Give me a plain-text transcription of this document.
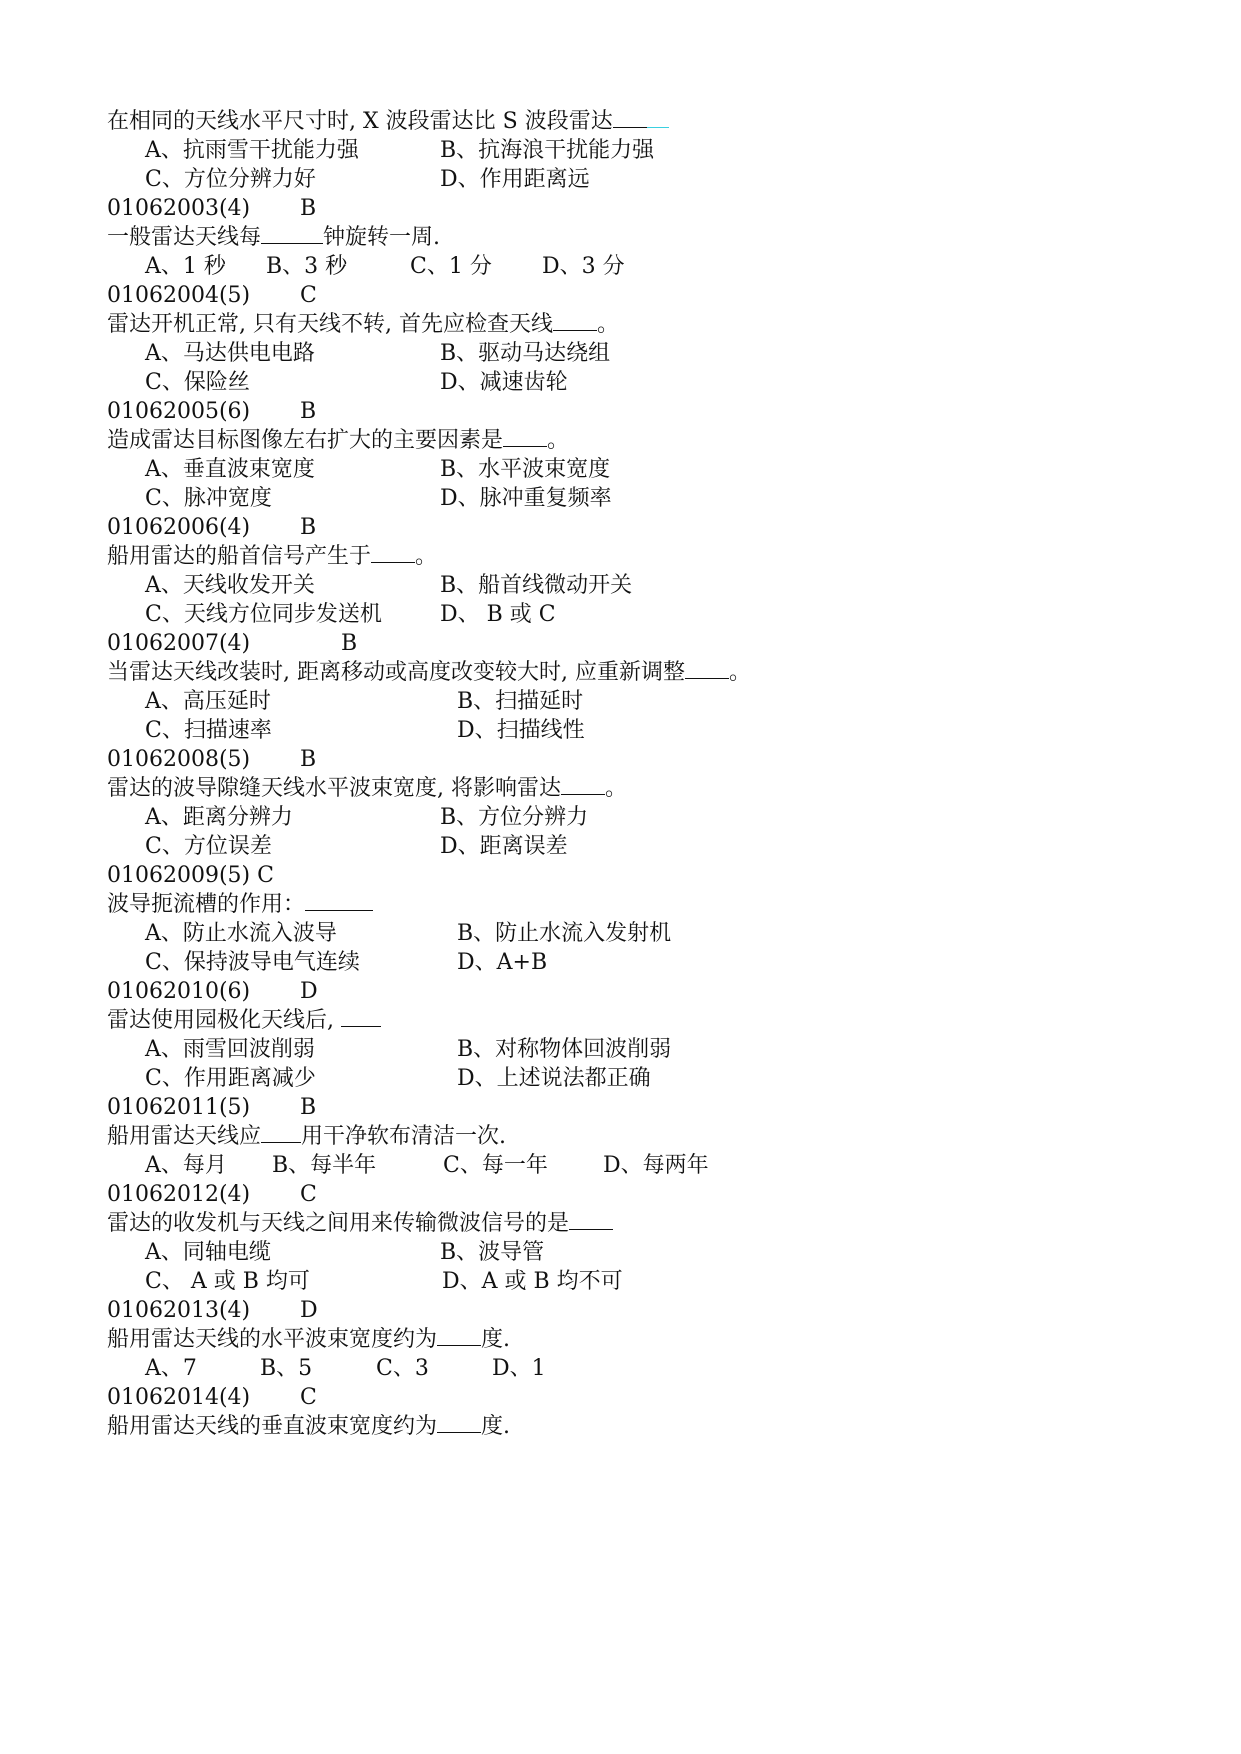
在相同的天线水平尺寸时, X 波段雷达比 S 波段雷达
A、抗雨雪干扰能力强	B、抗海浪干扰能力强
C、方位分辨力好	D、作用距离远
01062003(4) B
一般雷达天线每	钟旋转一周.
A、1 秒 B、3 秒	C、1 分 D、3 分
01062004(5) C
雷达开机正常, 只有天线不转, 首先应检查天线 。
A、马达供电电路	B、驱动马达绕组
C、保险丝	D、减速齿轮
01062005(6) B
造成雷达目标图像左右扩大的主要因素是 。
A、垂直波束宽度	B、水平波束宽度
C、脉冲宽度	D、脉冲重复频率
01062006(4) B
船用雷达的船首信号产生于 。
A、天线收发开关	B、船首线微动开关
C、天线方位同步发送机	D、 B 或 C
01062007(4)	B
当雷达天线改装时, 距离移动或高度改变较大时, 应重新调整 。
A、高压延时	B、扫描延时
C、扫描速率	D、扫描线性
01062008(5) B
雷达的波导隙缝天线水平波束宽度, 将影响雷达 。
A、距离分辨力	B、方位分辨力
C、方位误差	D、距离误差
01062009(5) C
波导扼流槽的作用：
A、防止水流入波导	B、防止水流入发射机
C、保持波导电气连续	D、A+B
01062010(6) D
雷达使用园极化天线后,
A、雨雪回波削弱	B、对称物体回波削弱
C、作用距离减少	D、上述说法都正确
01062011(5) B
船用雷达天线应 用干净软布清洁一次.
A、每月 B、每半年	C、每一年	D、每两年
01062012(4) C
雷达的收发机与天线之间用来传输微波信号的是
A、同轴电缆	B、波导管
C、 A 或 B 均可	D、A 或 B 均不可
01062013(4) D
船用雷达天线的水平波束宽度约为 度.
A、7	B、5	C、3	D、1
01062014(4) C
船用雷达天线的垂直波束宽度约为 度.
